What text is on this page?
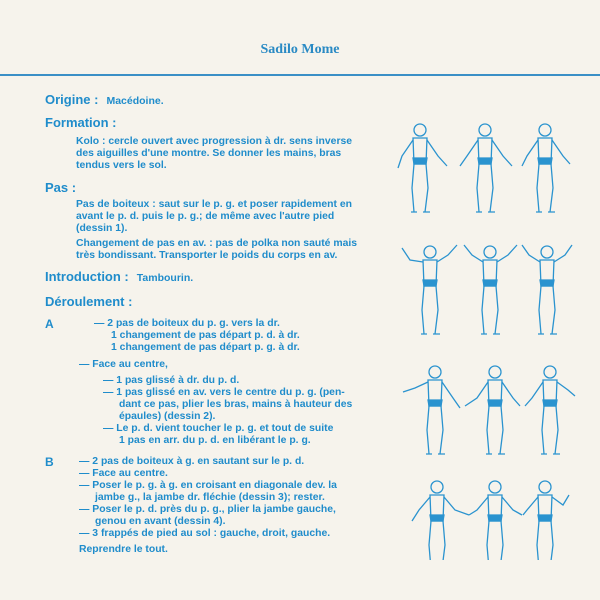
Sadilo Mome
Origine : Macédoine.
Formation :
Kolo : cercle ouvert avec progression à dr. sens inverse
des aiguilles d'une montre. Se donner les mains, bras
tendus vers le sol.
Pas :
Pas de boiteux : saut sur le p. g. et poser rapidement en
avant le p. d. puis le p. g.; de même avec l'autre pied
(dessin 1).
Changement de pas en av. : pas de polka non sauté mais
très bondissant. Transporter le poids du corps en av.
Introduction : Tambourin.
Déroulement :
A	— 2 pas de boiteux du p. g. vers la dr.
1 changement de pas départ p. d. à dr.
1 changement de pas départ p. g. à dr.
— Face au centre,
— 1 pas glissé à dr. du p. d.
— 1 pas glissé en av. vers le centre du p. g. (pen-
dant ce pas, plier les bras, mains à hauteur des
épaules) (dessin 2).
— Le p. d. vient toucher le p. g. et tout de suite
1 pas en arr. du p. d. en libérant le p. g.
B — 2 pas de boiteux à g. en sautant sur le p. d.
— Face au centre.
— Poser le p. g. à g. en croisant en diagonale dev. la
jambe g., la jambe dr. fléchie (dessin 3); rester.
— Poser le p. d. près du p. g., plier la jambe gauche,
genou en avant (dessin 4).
— 3 frappés de pied au sol : gauche, droit, gauche.
Reprendre le tout.
